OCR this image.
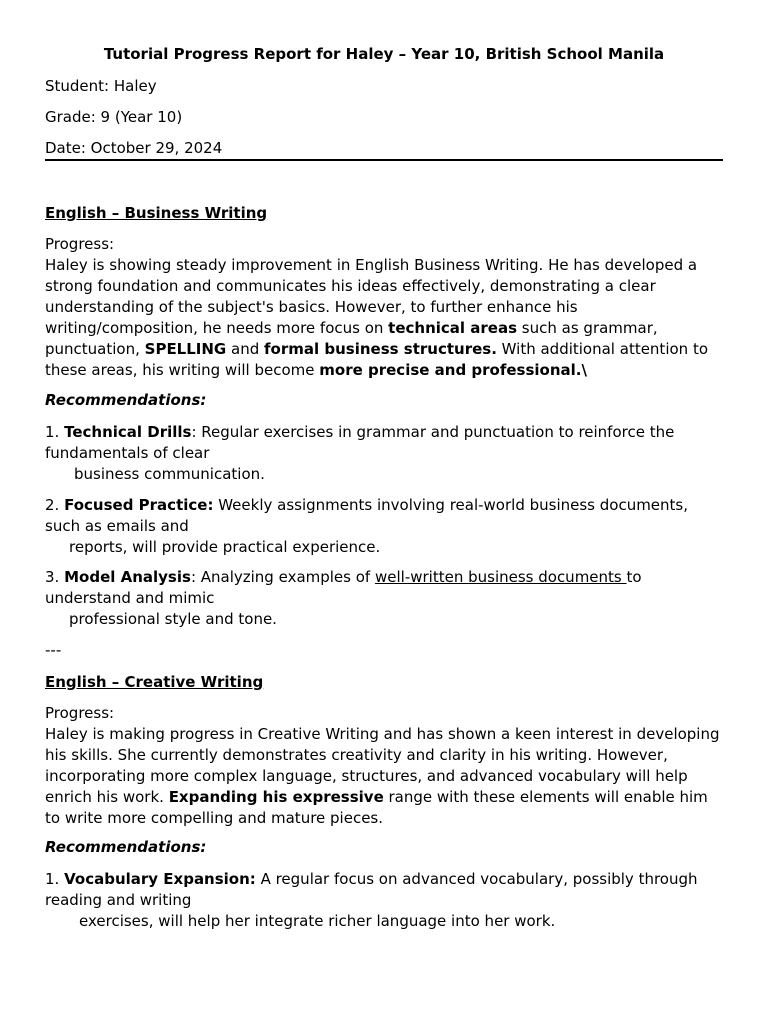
Tutorial Progress Report for Haley – Year 10, British School Manila
Student: Haley
Grade: 9 (Year 10)
Date: October 29, 2024
English – Business Writing
Progress:
Haley is showing steady improvement in English Business Writing. He has developed a strong foundation and communicates his ideas effectively, demonstrating a clear understanding of the subject's basics. However, to further enhance his writing/composition, he needs more focus on technical areas such as grammar, punctuation, SPELLING and formal business structures. With additional attention to these areas, his writing will become more precise and professional.\
Recommendations:
1. Technical Drills: Regular exercises in grammar and punctuation to reinforce the fundamentals of clear
business communication.
2. Focused Practice: Weekly assignments involving real-world business documents, such as emails and
reports, will provide practical experience.
3. Model Analysis: Analyzing examples of well-written business documents to understand and mimic
professional style and tone.
---
English – Creative Writing
Progress:
Haley is making progress in Creative Writing and has shown a keen interest in developing his skills. She currently demonstrates creativity and clarity in his writing. However, incorporating more complex language, structures, and advanced vocabulary will help enrich his work. Expanding his expressive range with these elements will enable him to write more compelling and mature pieces.
Recommendations:
1. Vocabulary Expansion: A regular focus on advanced vocabulary, possibly through reading and writing
exercises, will help her integrate richer language into her work.
